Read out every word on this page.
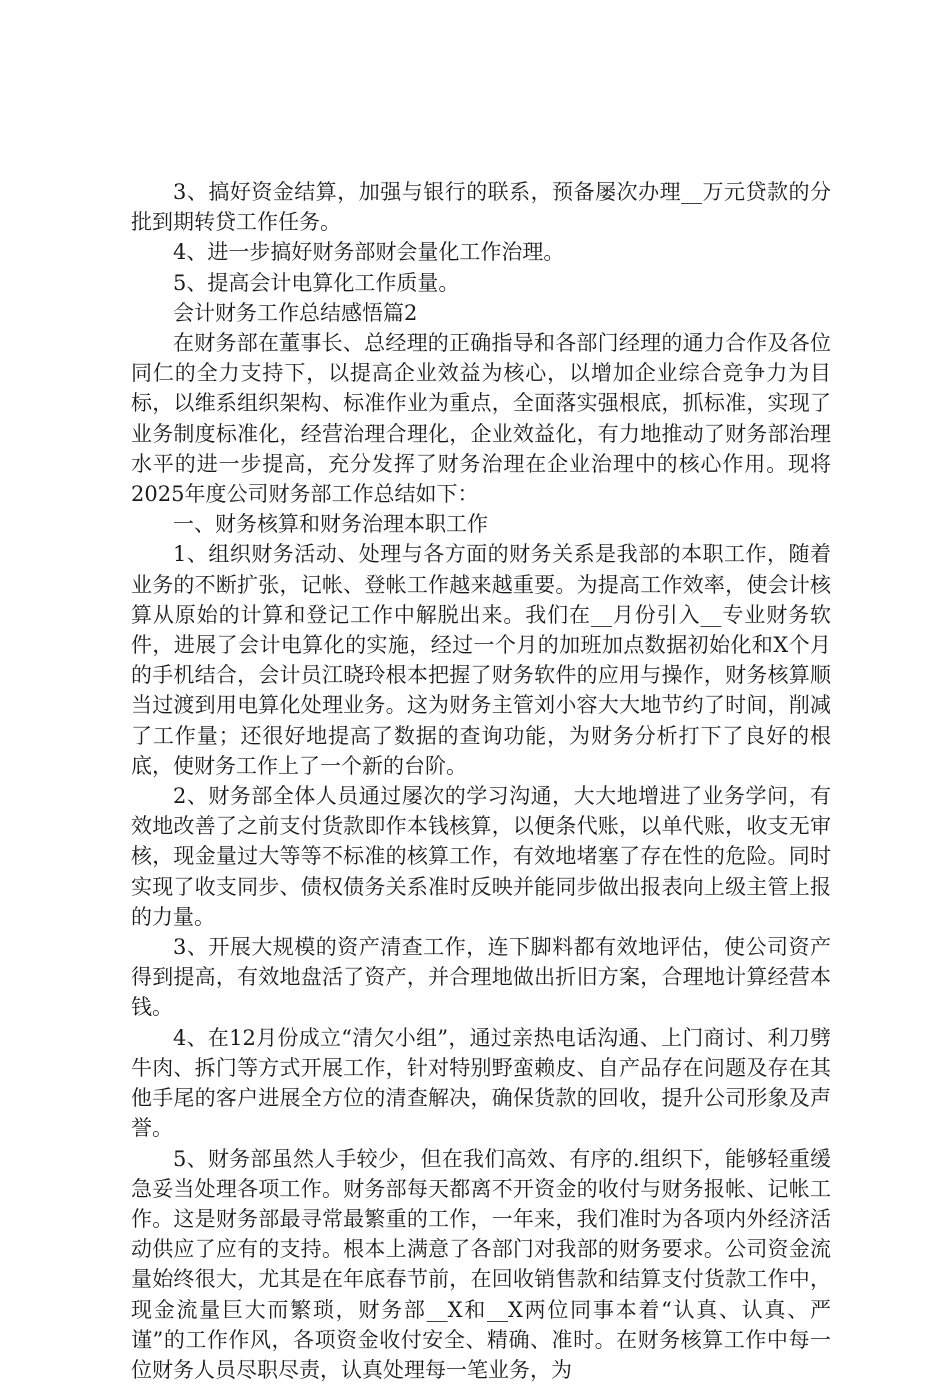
3、搞好资金结算，加强与银行的联系，预备屡次办理__万元贷款的分批到期转贷工作任务。

4、进一步搞好财务部财会量化工作治理。

5、提高会计电算化工作质量。

会计财务工作总结感悟篇2

在财务部在董事长、总经理的正确指导和各部门经理的通力合作及各位同仁的全力支持下，以提高企业效益为核心，以增加企业综合竞争力为目标，以维系组织架构、标准作业为重点，全面落实强根底，抓标准，实现了业务制度标准化，经营治理合理化，企业效益化，有力地推动了财务部治理水平的进一步提高，充分发挥了财务治理在企业治理中的核心作用。现将2025年度公司财务部工作总结如下：

一、财务核算和财务治理本职工作

1、组织财务活动、处理与各方面的财务关系是我部的本职工作，随着业务的不断扩张，记帐、登帐工作越来越重要。为提高工作效率，使会计核算从原始的计算和登记工作中解脱出来。我们在__月份引入__专业财务软件，进展了会计电算化的实施，经过一个月的加班加点数据初始化和X个月的手机结合，会计员江晓玲根本把握了财务软件的应用与操作，财务核算顺当过渡到用电算化处理业务。这为财务主管刘小容大大地节约了时间，削减了工作量；还很好地提高了数据的查询功能，为财务分析打下了良好的根底，使财务工作上了一个新的台阶。

2、财务部全体人员通过屡次的学习沟通，大大地增进了业务学问，有效地改善了之前支付货款即作本钱核算，以便条代账，以单代账，收支无审核，现金量过大等等不标准的核算工作，有效地堵塞了存在性的危险。同时实现了收支同步、债权债务关系准时反映并能同步做出报表向上级主管上报的力量。

3、开展大规模的资产清查工作，连下脚料都有效地评估，使公司资产得到提高，有效地盘活了资产，并合理地做出折旧方案，合理地计算经营本钱。

4、在12月份成立“清欠小组”，通过亲热电话沟通、上门商讨、利刀劈牛肉、拆门等方式开展工作，针对特别野蛮赖皮、自产品存在问题及存在其他手尾的客户进展全方位的清查解决，确保货款的回收，提升公司形象及声誉。

5、财务部虽然人手较少，但在我们高效、有序的.组织下，能够轻重缓急妥当处理各项工作。财务部每天都离不开资金的收付与财务报帐、记帐工作。这是财务部最寻常最繁重的工作，一年来，我们准时为各项内外经济活动供应了应有的支持。根本上满意了各部门对我部的财务要求。公司资金流量始终很大，尤其是在年底春节前，在回收销售款和结算支付货款工作中，现金流量巨大而繁琐，财务部__X和__X两位同事本着“认真、认真、严谨”的工作作风，各项资金收付安全、精确、准时。在财务核算工作中每一位财务人员尽职尽责，认真处理每一笔业务，为
